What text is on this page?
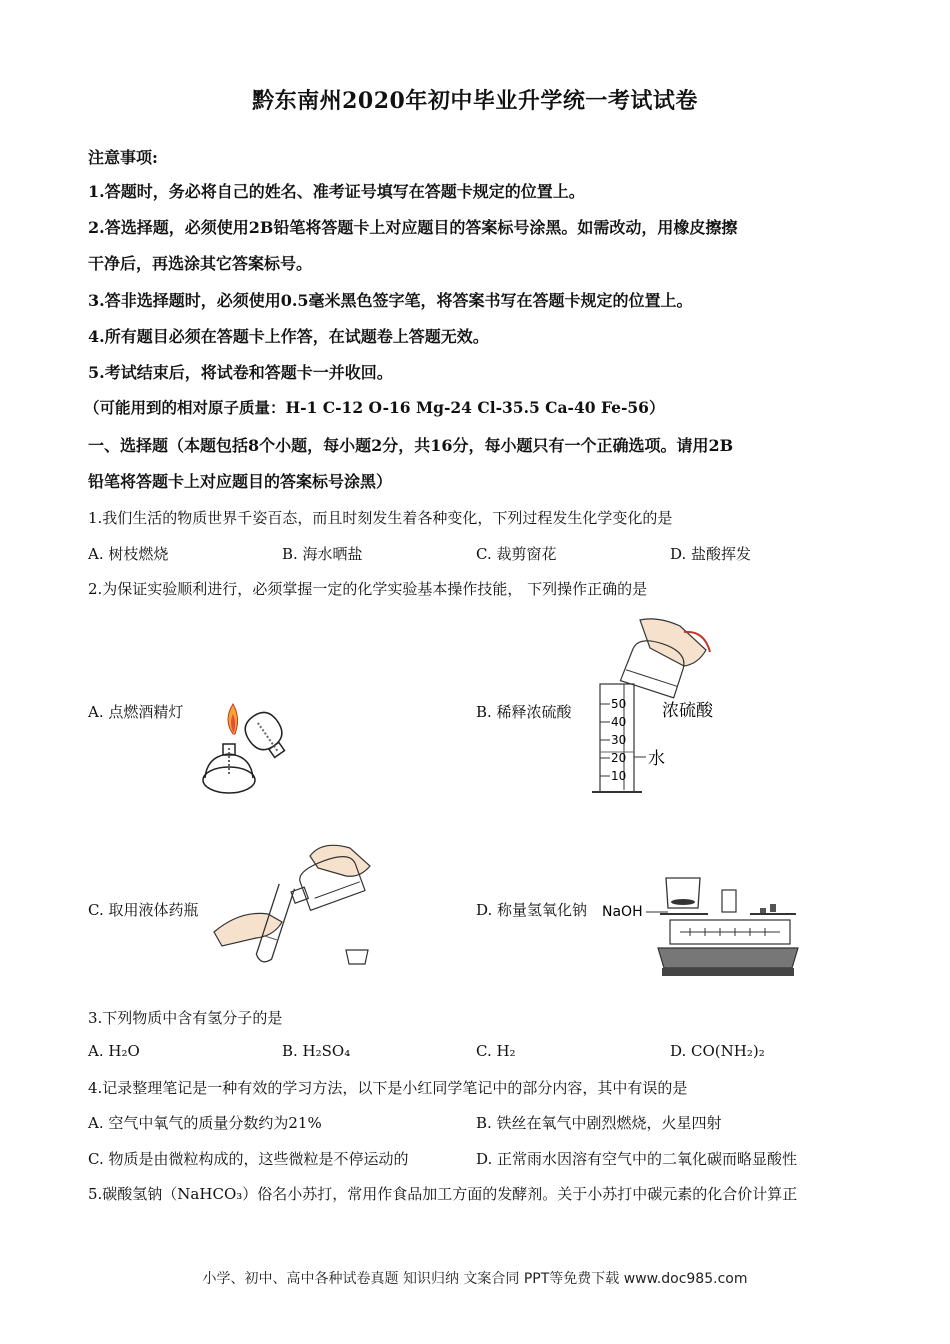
黔东南州2020年初中毕业升学统一考试试卷
注意事项:
1.答题时，务必将自己的姓名、准考证号填写在答题卡规定的位置上。
2.答选择题，必须使用2B铅笔将答题卡上对应题目的答案标号涂黑。如需改动，用橡皮擦擦
干净后，再选涂其它答案标号。
3.答非选择题时，必须使用0.5毫米黑色签字笔，将答案书写在答题卡规定的位置上。
4.所有题目必须在答题卡上作答，在试题卷上答题无效。
5.考试结束后，将试卷和答题卡一并收回。
（可能用到的相对原子质量：H-1 C-12 O-16 Mg-24 Cl-35.5 Ca-40 Fe-56）
一、选择题（本题包括8个小题，每小题2分，共16分，每小题只有一个正确选项。请用2B
铅笔将答题卡上对应题目的答案标号涂黑）
1.我们生活的物质世界千姿百态，而且时刻发生着各种变化，下列过程发生化学变化的是
A. 树枝燃烧	B. 海水晒盐	C. 裁剪窗花	D. 盐酸挥发
2.为保证实验顺利进行，必须掌握一定的化学实验基本操作技能， 下列操作正确的是
A. 点燃酒精灯	B. 稀释浓硫酸
C. 取用液体药瓶	D. 称量氢氧化钠
50
40
30
20
10
浓硫酸
水
NaOH
3.下列物质中含有氢分子的是
A. H₂O	B. H₂SO₄	C. H₂	D. CO(NH₂)₂
4.记录整理笔记是一种有效的学习方法，以下是小红同学笔记中的部分内容，其中有误的是
A. 空气中氧气的质量分数约为21%	B. 铁丝在氧气中剧烈燃烧，火星四射
C. 物质是由微粒构成的，这些微粒是不停运动的	D. 正常雨水因溶有空气中的二氧化碳而略显酸性
5.碳酸氢钠（NaHCO₃）俗名小苏打，常用作食品加工方面的发酵剂。关于小苏打中碳元素的化合价计算正
小学、初中、高中各种试卷真题 知识归纳 文案合同 PPT等免费下载 www.doc985.com
